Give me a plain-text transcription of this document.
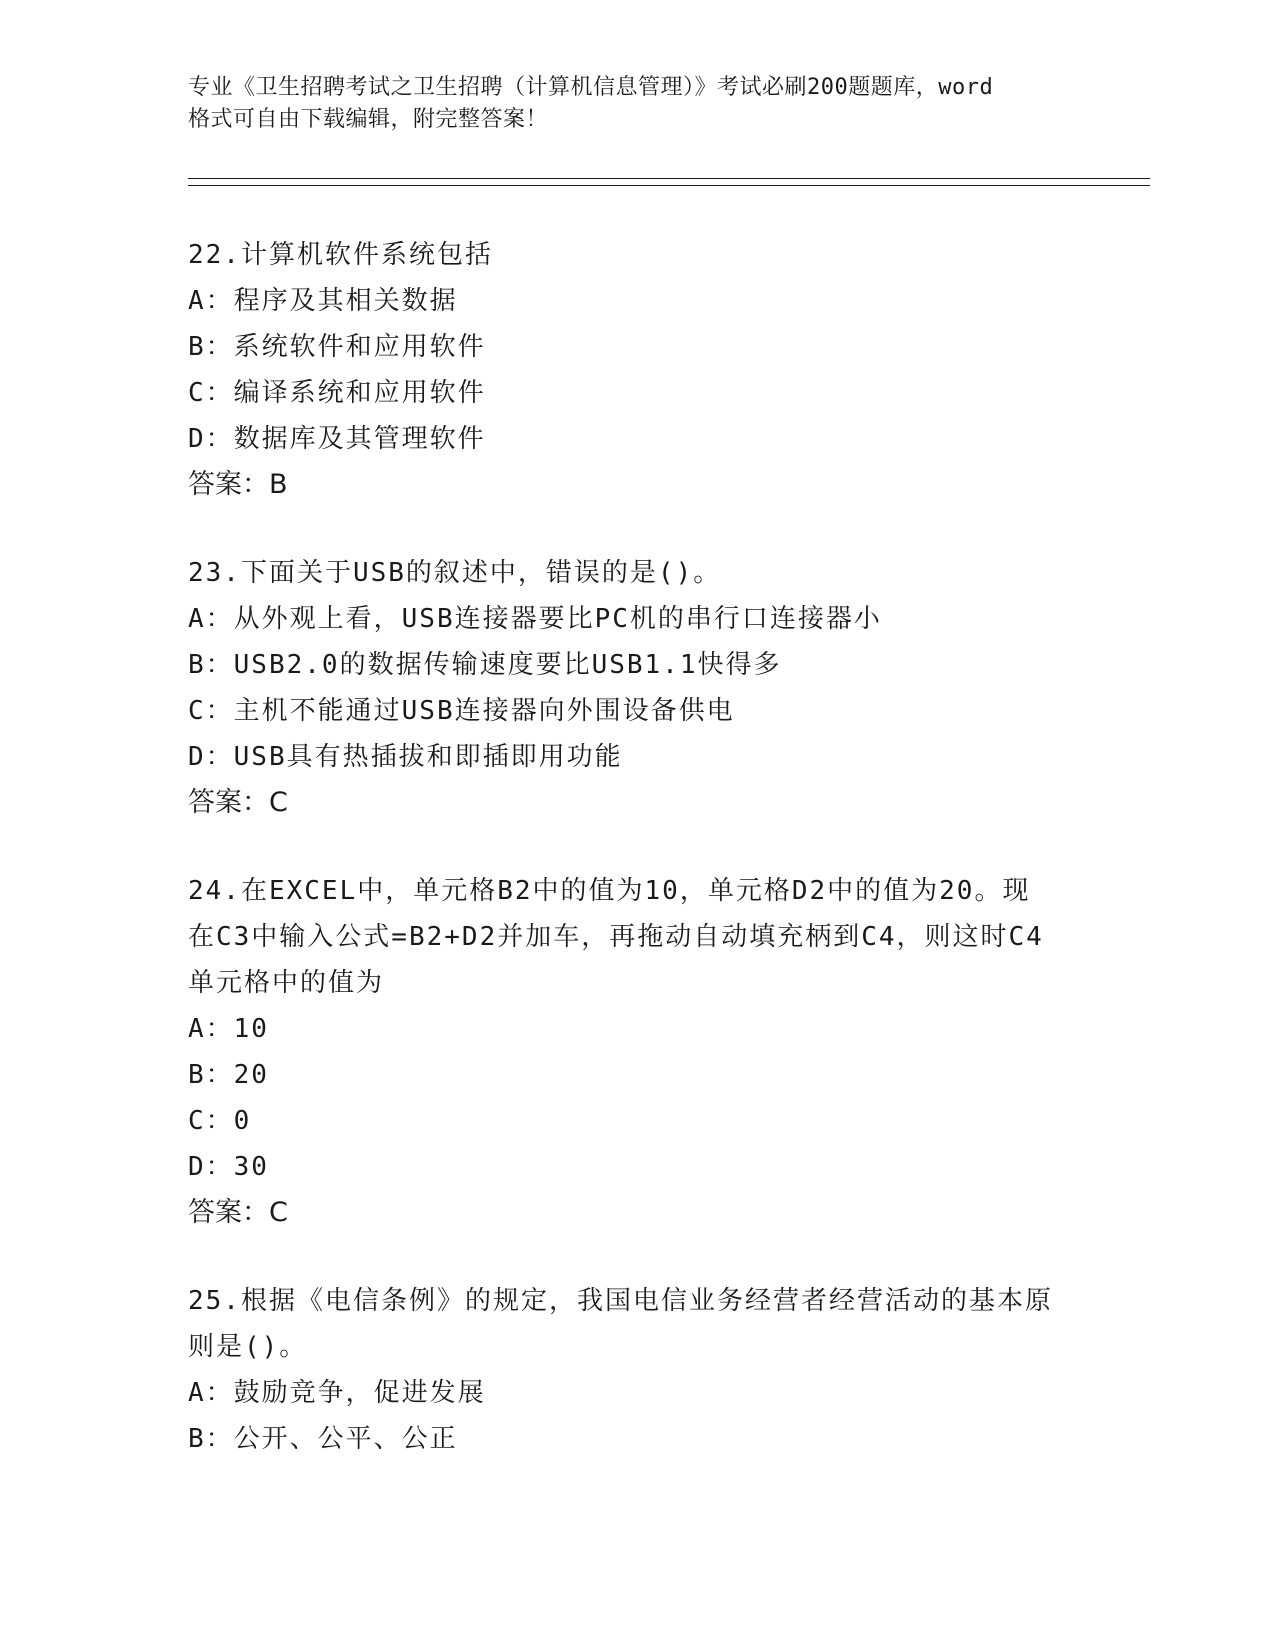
专业《卫生招聘考试之卫生招聘（计算机信息管理）》考试必刷200题题库，word
格式可自由下载编辑，附完整答案！
22.计算机软件系统包括
A：程序及其相关数据
B：系统软件和应用软件
C：编译系统和应用软件
D：数据库及其管理软件
答案：B
23.下面关于USB的叙述中，错误的是()。
A：从外观上看，USB连接器要比PC机的串行口连接器小
B：USB2.0的数据传输速度要比USB1.1快得多
C：主机不能通过USB连接器向外围设备供电
D：USB具有热插拔和即插即用功能
答案：C
24.在EXCEL中，单元格B2中的值为10，单元格D2中的值为20。现
在C3中输入公式=B2+D2并加车，再拖动自动填充柄到C4，则这时C4
单元格中的值为
A：10
B：20
C：0
D：30
答案：C
25.根据《电信条例》的规定，我国电信业务经营者经营活动的基本原
则是()。
A：鼓励竞争，促进发展
B：公开、公平、公正
